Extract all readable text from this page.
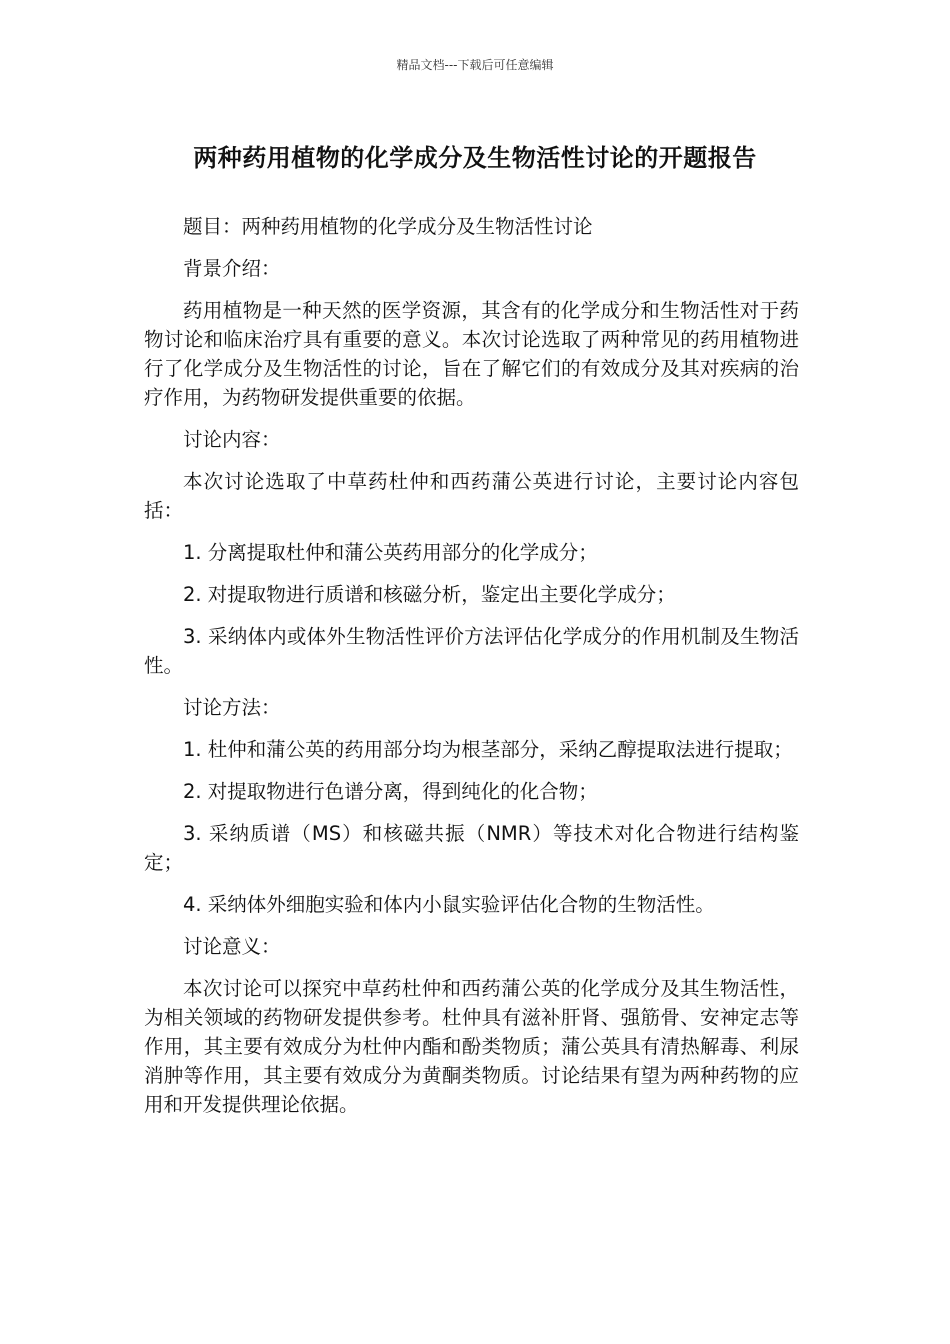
精品文档---下载后可任意编辑
两种药用植物的化学成分及生物活性讨论的开题报告

题目：两种药用植物的化学成分及生物活性讨论

背景介绍：

药用植物是一种天然的医学资源，其含有的化学成分和生物活性对于药物讨论和临床治疗具有重要的意义。本次讨论选取了两种常见的药用植物进行了化学成分及生物活性的讨论，旨在了解它们的有效成分及其对疾病的治疗作用，为药物研发提供重要的依据。

讨论内容：

本次讨论选取了中草药杜仲和西药蒲公英进行讨论，主要讨论内容包括：

1. 分离提取杜仲和蒲公英药用部分的化学成分；

2. 对提取物进行质谱和核磁分析，鉴定出主要化学成分；

3. 采纳体内或体外生物活性评价方法评估化学成分的作用机制及生物活性。

讨论方法：

1. 杜仲和蒲公英的药用部分均为根茎部分，采纳乙醇提取法进行提取；

2. 对提取物进行色谱分离，得到纯化的化合物；

3. 采纳质谱（MS）和核磁共振（NMR）等技术对化合物进行结构鉴定；

4. 采纳体外细胞实验和体内小鼠实验评估化合物的生物活性。

讨论意义：

本次讨论可以探究中草药杜仲和西药蒲公英的化学成分及其生物活性，为相关领域的药物研发提供参考。杜仲具有滋补肝肾、强筋骨、安神定志等作用，其主要有效成分为杜仲内酯和酚类物质；蒲公英具有清热解毒、利尿消肿等作用，其主要有效成分为黄酮类物质。讨论结果有望为两种药物的应用和开发提供理论依据。
